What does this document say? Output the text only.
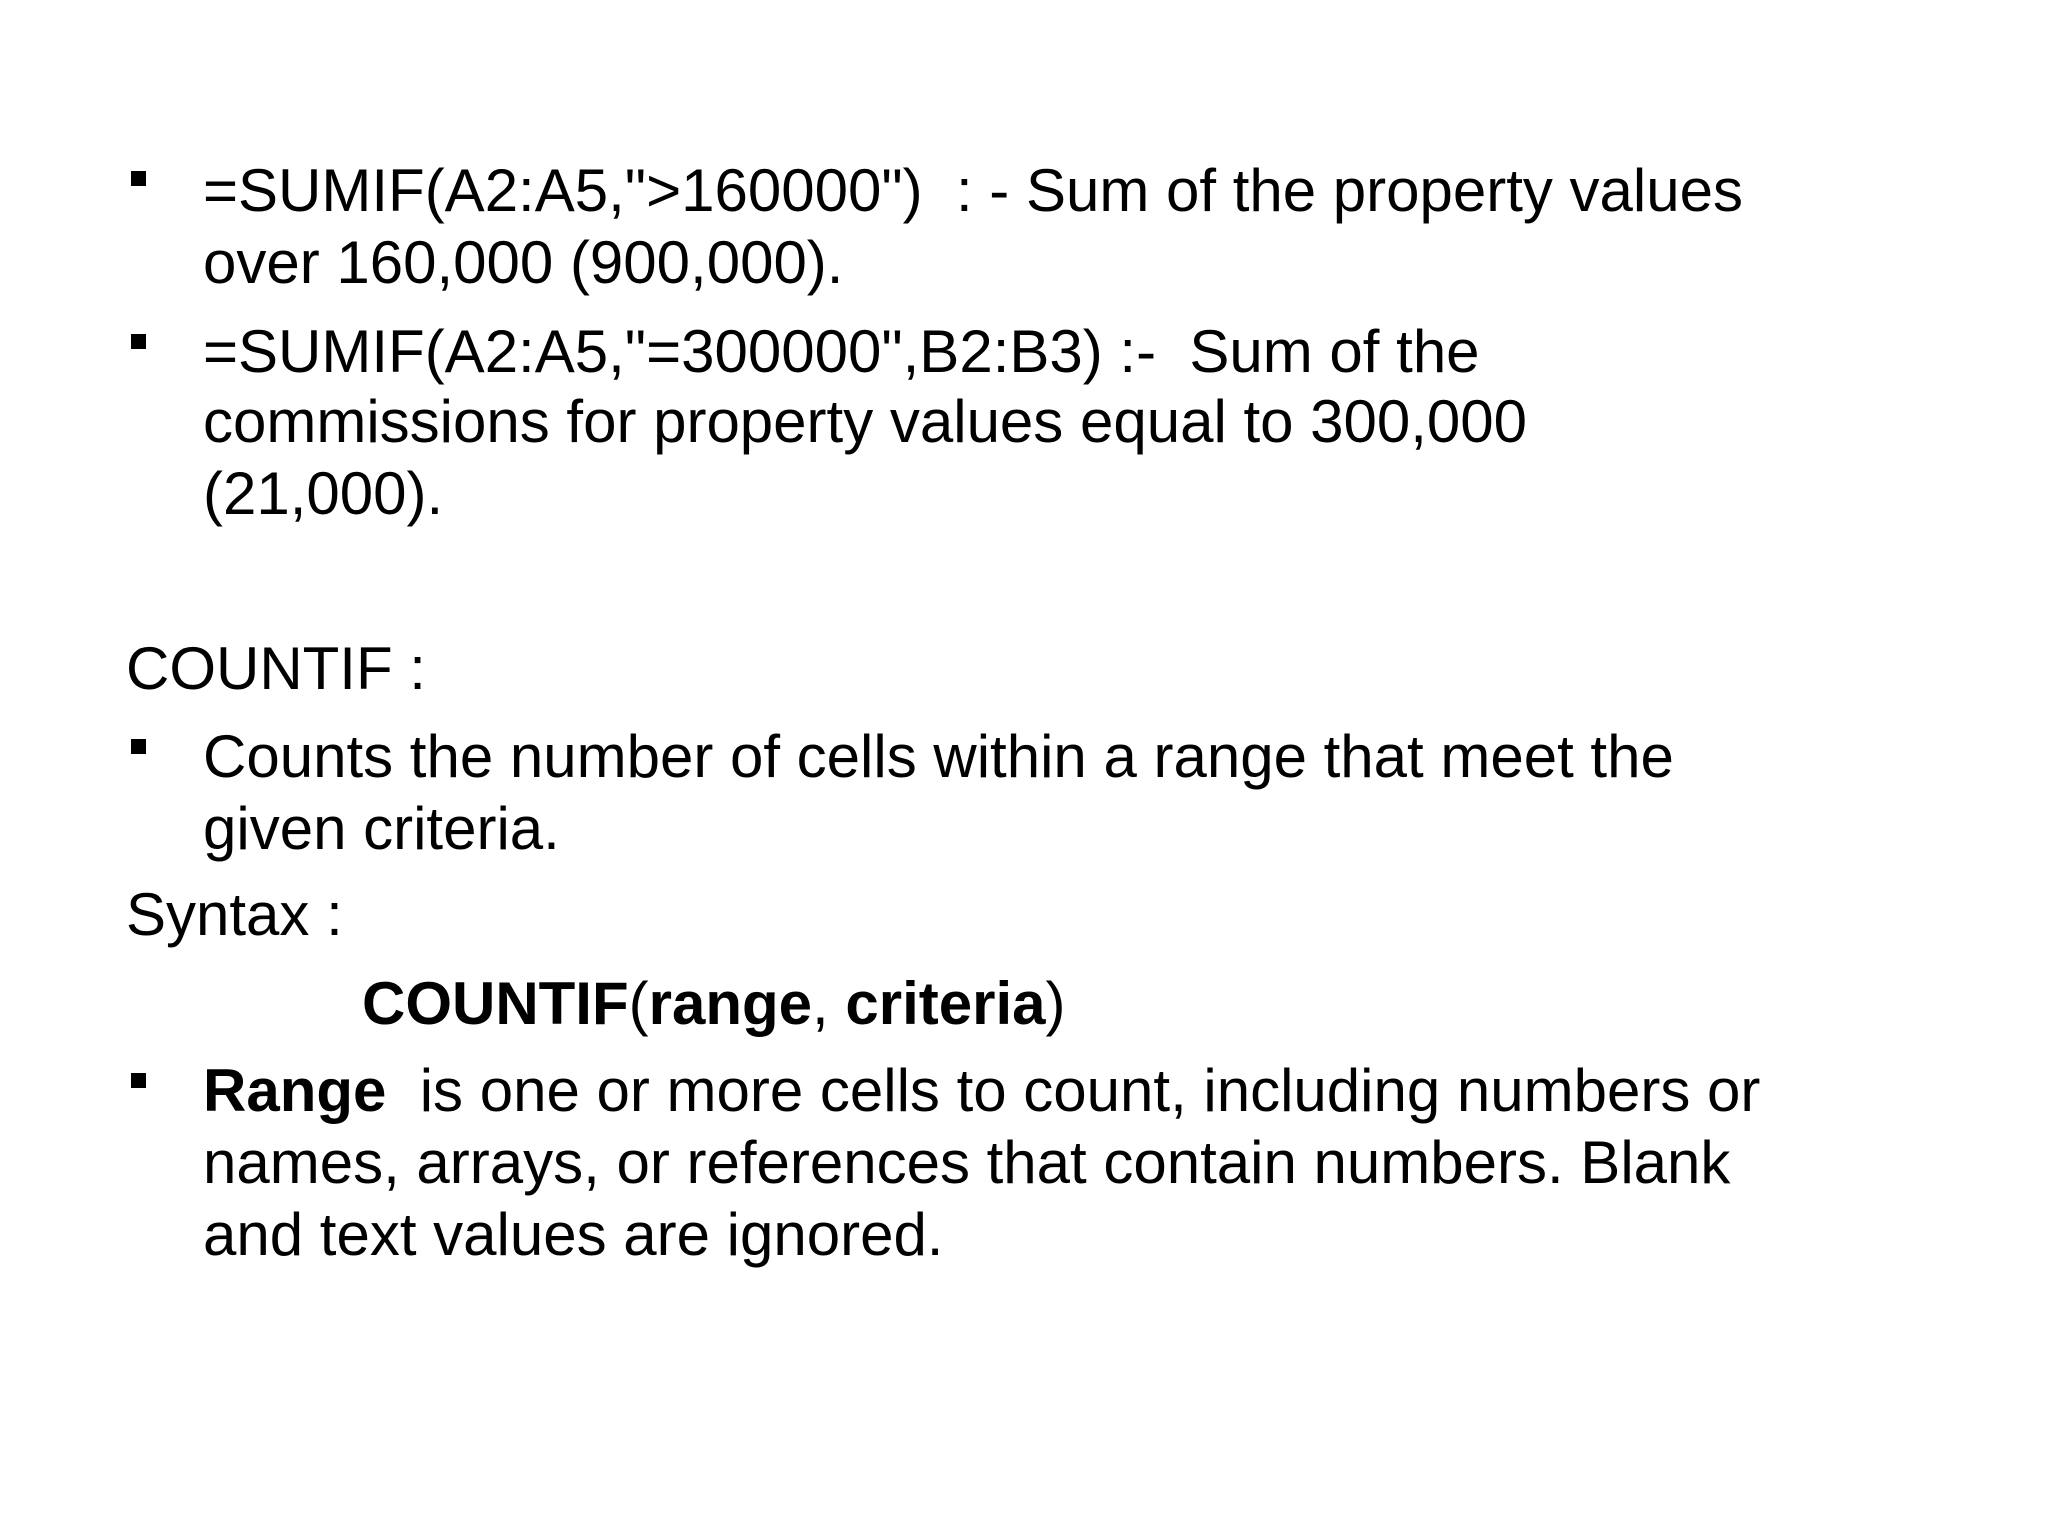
=SUMIF(A2:A5,">160000")  : - Sum of the property values
over 160,000 (900,000).
=SUMIF(A2:A5,"=300000",B2:B3) :-  Sum of the
commissions for property values equal to 300,000
(21,000).
COUNTIF :
Counts the number of cells within a range that meet the
given criteria.
Syntax :
COUNTIF(range, criteria)
Range  is one or more cells to count, including numbers or
names, arrays, or references that contain numbers. Blank
and text values are ignored.
